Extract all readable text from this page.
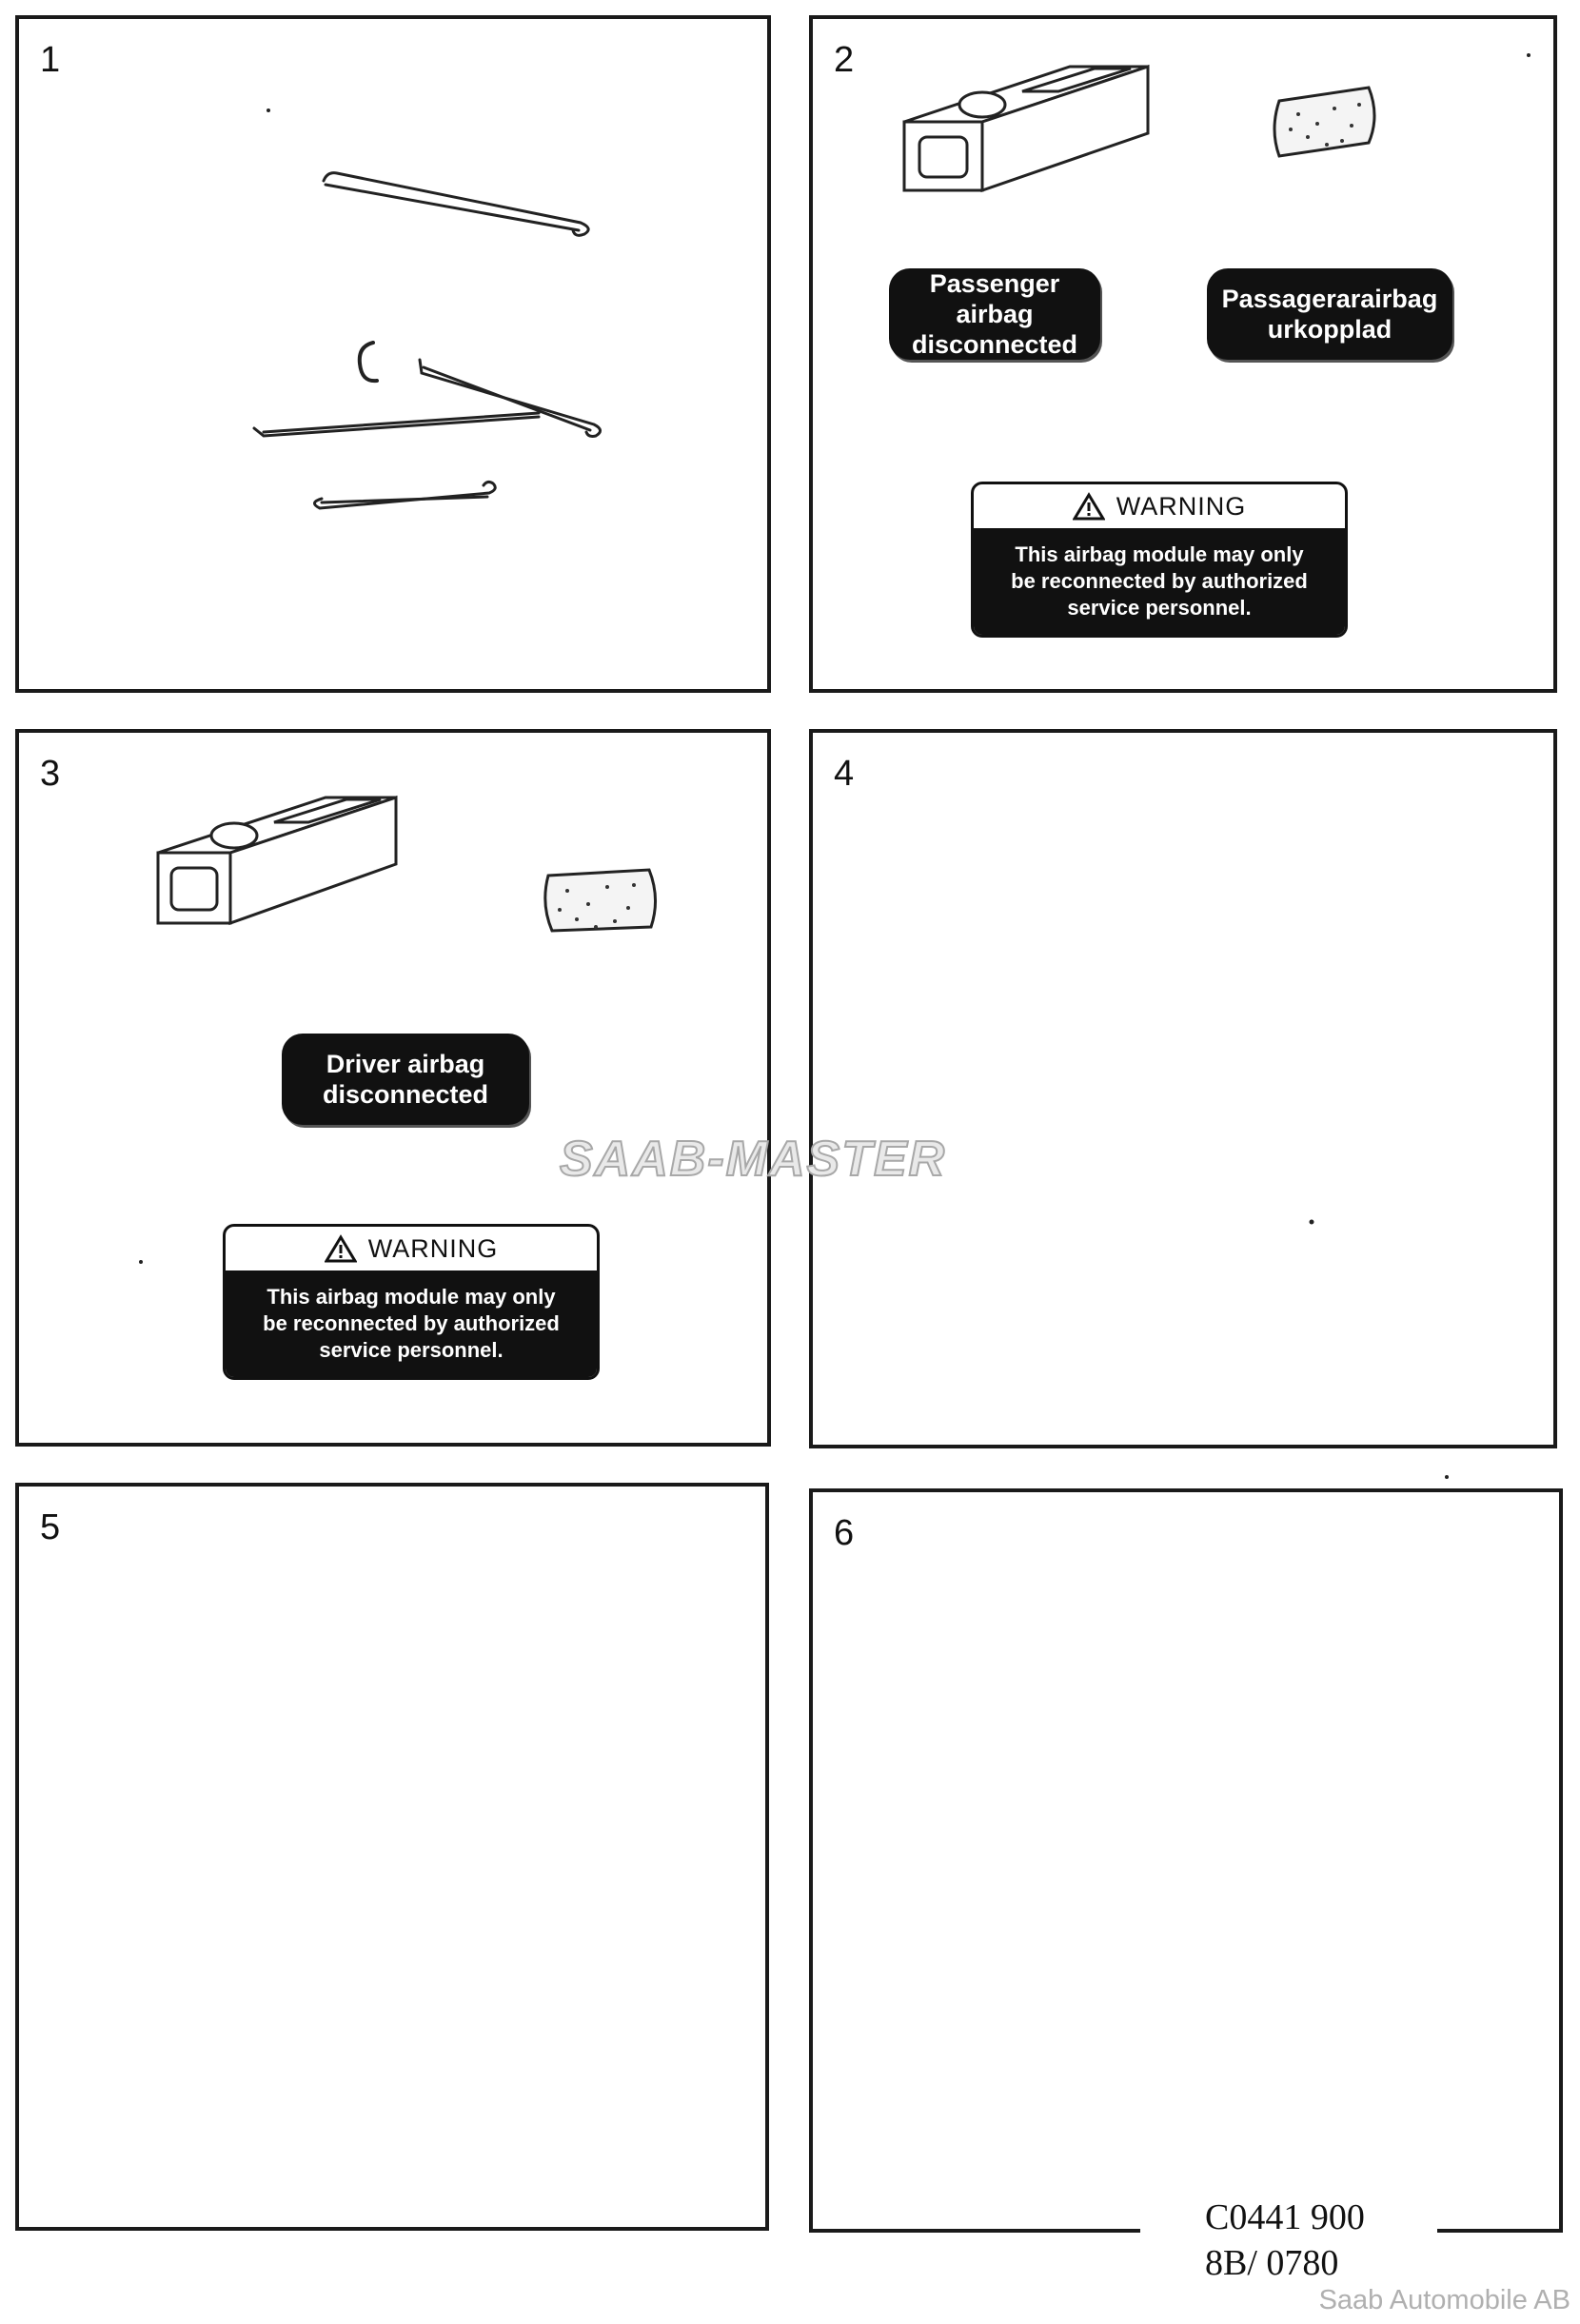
1	2
Passenger airbag
disconnected
Passagerarairbag
urkopplad
WARNING
This airbag module may only
be reconnected by authorized
service personnel.
3
Driver airbag
disconnected
WARNING
This airbag module may only
be reconnected by authorized
service personnel.
4
5	6
SAAB-MASTER
C0441 900
8B/ 0780
Saab Automobile AB
